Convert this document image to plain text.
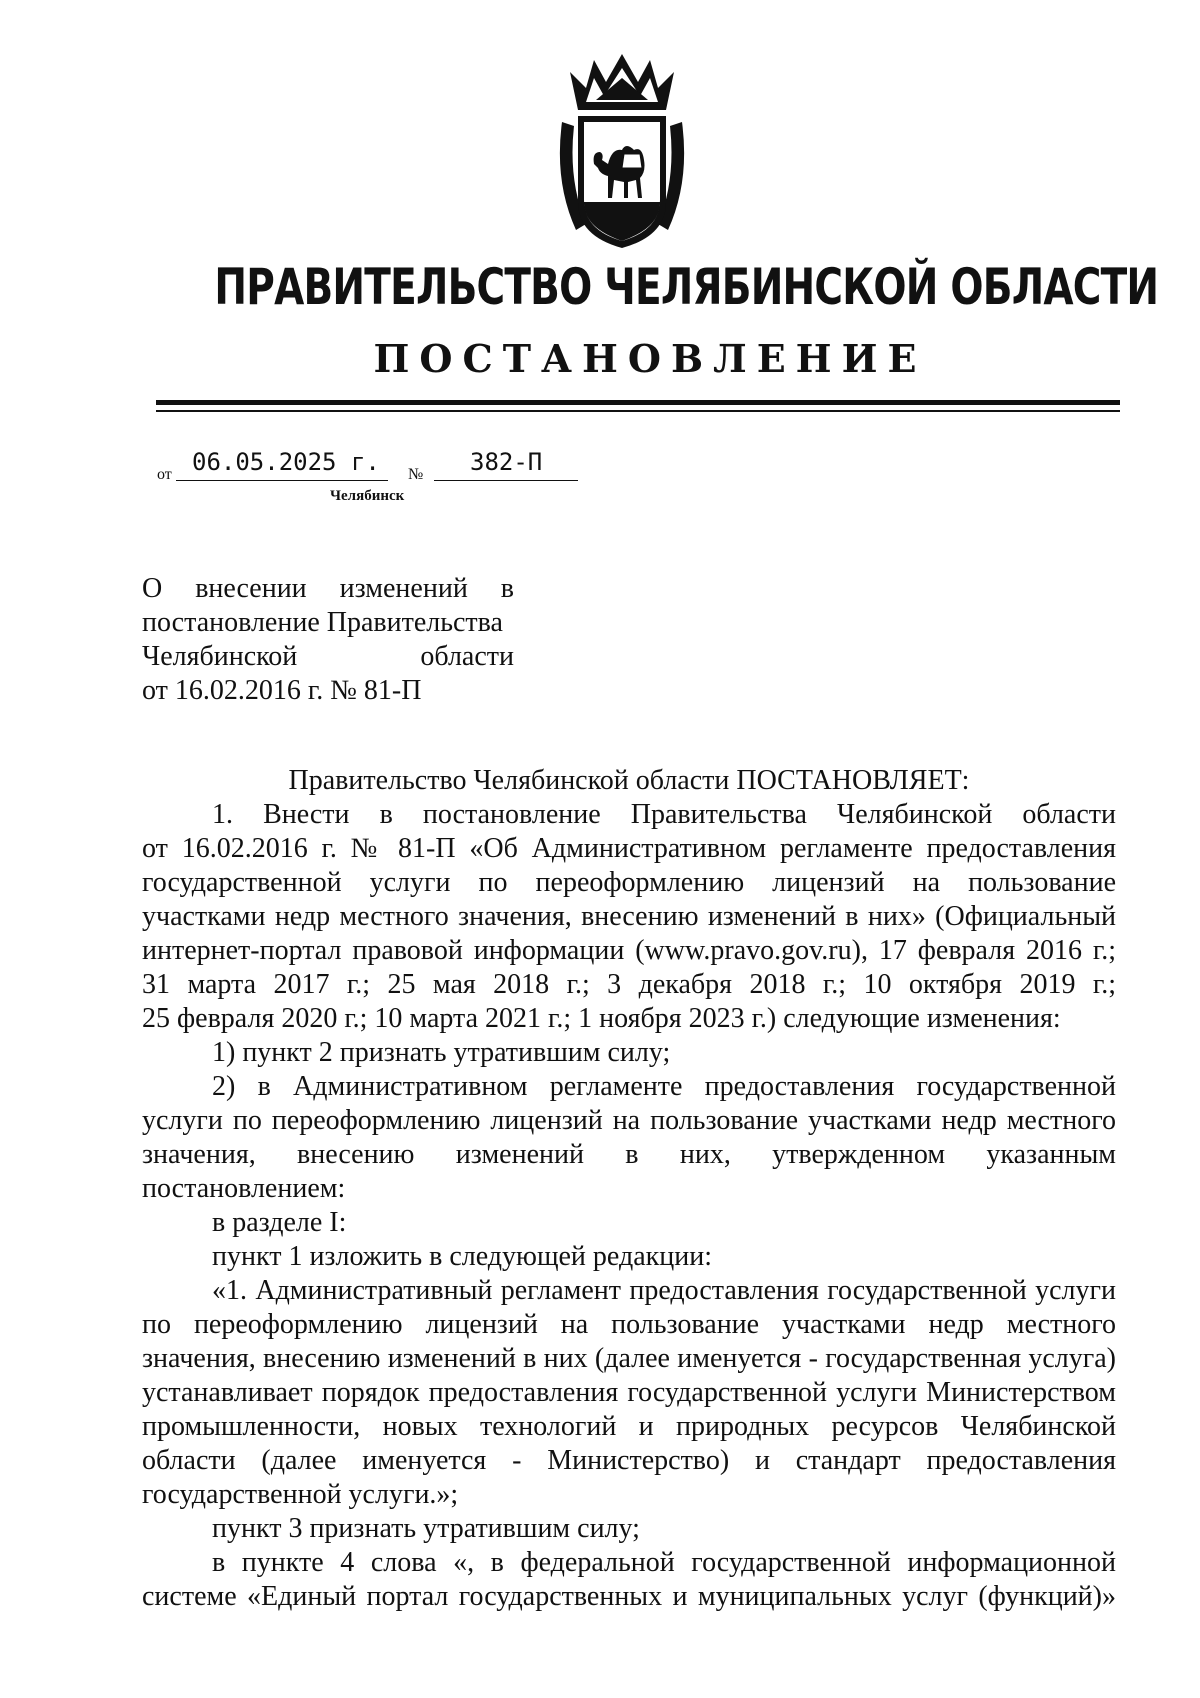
ПРАВИТЕЛЬСТВО ЧЕЛЯБИНСКОЙ ОБЛАСТИ
ПОСТАНОВЛЕНИЕ
от 06.05.2025 г. № 382-П
Челябинск
О внесении изменений в
постановление Правительства
Челябинской области
от 16.02.2016 г. № 81-П
Правительство Челябинской области ПОСТАНОВЛЯЕТ:
1. Внести в постановление Правительства Челябинской области
от 16.02.2016 г. № 81-П «Об Административном регламенте предоставления
государственной услуги по переоформлению лицензий на пользование
участками недр местного значения, внесению изменений в них» (Официальный
интернет-портал правовой информации (www.pravo.gov.ru), 17 февраля 2016 г.;
31 марта 2017 г.; 25 мая 2018 г.; 3 декабря 2018 г.; 10 октября 2019 г.;
25 февраля 2020 г.; 10 марта 2021 г.; 1 ноября 2023 г.) следующие изменения:
1) пункт 2 признать утратившим силу;
2) в Административном регламенте предоставления государственной
услуги по переоформлению лицензий на пользование участками недр местного
значения, внесению изменений в них, утвержденном указанным
постановлением:
в разделе I:
пункт 1 изложить в следующей редакции:
«1. Административный регламент предоставления государственной услуги
по переоформлению лицензий на пользование участками недр местного
значения, внесению изменений в них (далее именуется - государственная услуга)
устанавливает порядок предоставления государственной услуги Министерством
промышленности, новых технологий и природных ресурсов Челябинской
области (далее именуется - Министерство) и стандарт предоставления
государственной услуги.»;
пункт 3 признать утратившим силу;
в пункте 4 слова «, в федеральной государственной информационной
системе «Единый портал государственных и муниципальных услуг (функций)»
